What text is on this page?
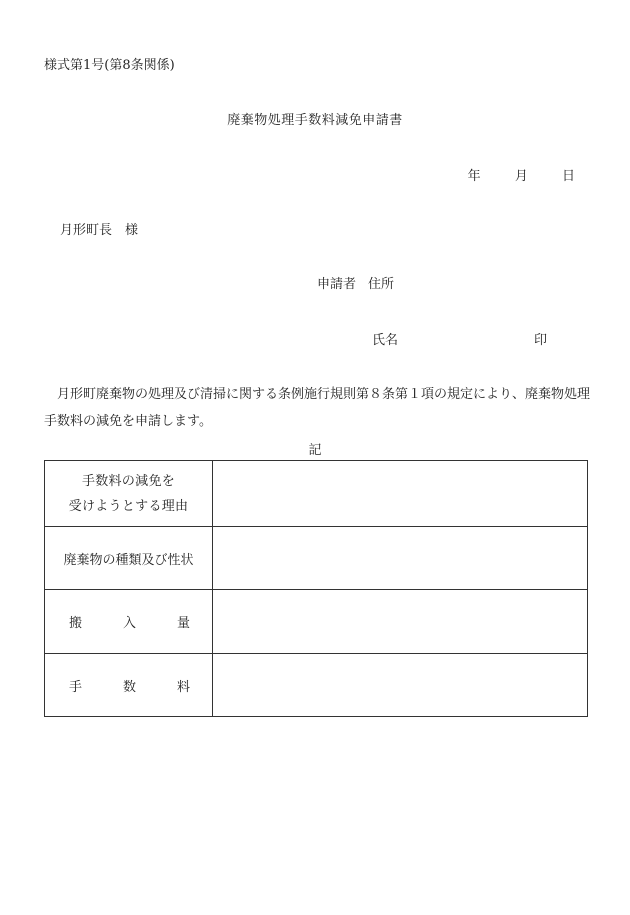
様式第1号(第8条関係)
廃棄物処理手数料減免申請書
年	月	日
月形町長　様
申請者 住所
氏名	印
月形町廃棄物の処理及び清掃に関する条例施行規則第８条第１項の規定により、廃棄物処理手数料の減免を申請します。
記
手数料の減免を
受けようとする理由	

廃棄物の種類及び性状	

搬 入 量	

手 数 料	
